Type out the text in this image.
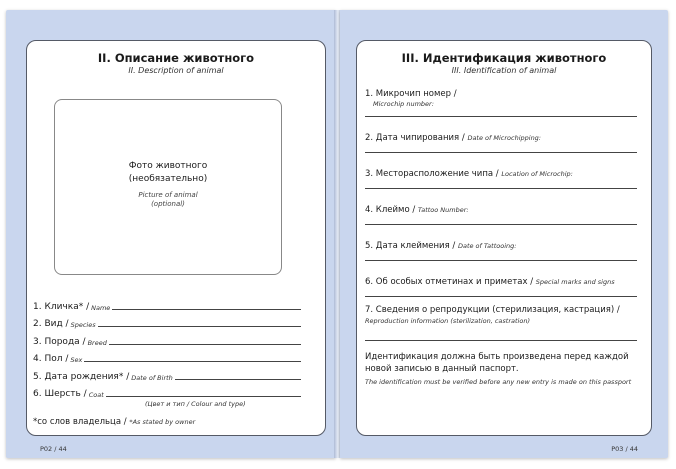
II. Описание животного
II. Description of animal
Фото животного
(необязательно)
Picture of animal
(optional)
1. Кличка* / Name
2. Вид / Species
3. Порода / Breed
4. Пол / Sex
5. Дата рождения* / Date of Birth
6. Шерсть / Coat
(Цвет и тип / Colour and type)
*со слов владельца / *As stated by owner
P02 / 44
III. Идентификация животного
III. Identification of animal
1. Микрочип номер /
Microchip number:
2. Дата чипирования / Date of Microchipping:
3. Месторасположение чипа / Location of Microchip:
4. Клеймо / Tattoo Number:
5. Дата клеймения / Date of Tattooing:
6. Об особых отметинах и приметах / Special marks and signs
7. Сведения о репродукции (стерилизация, кастрация) /
Reproduction information (sterilization, castration)
Идентификация должна быть произведена перед каждой новой записью в данный паспорт.
The identification must be verified before any new entry is made on this passport
P03 / 44
